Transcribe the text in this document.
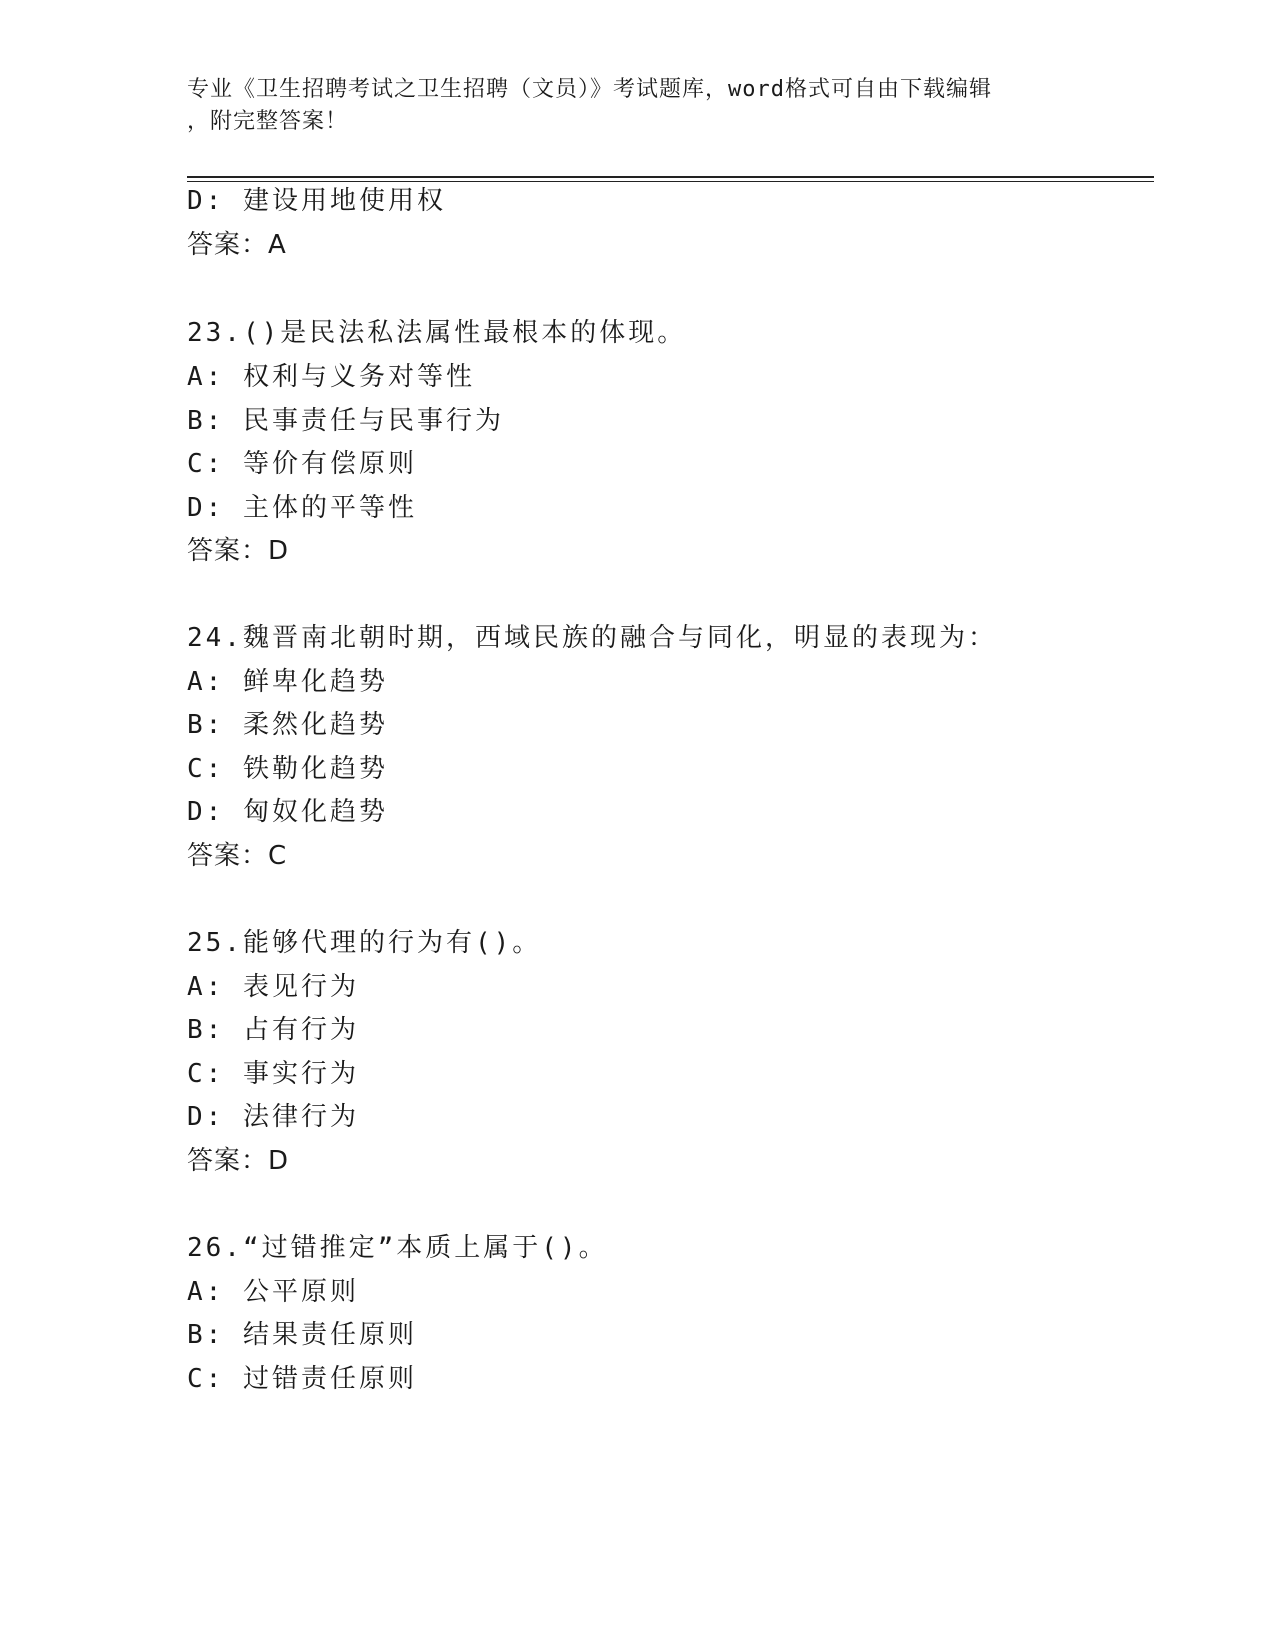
专业《卫生招聘考试之卫生招聘（文员）》考试题库，word格式可自由下载编辑
，附完整答案！
D: 建设用地使用权
答案：A
23.()是民法私法属性最根本的体现。
A: 权利与义务对等性
B: 民事责任与民事行为
C: 等价有偿原则
D: 主体的平等性
答案：D
24.魏晋南北朝时期，西域民族的融合与同化，明显的表现为：
A: 鲜卑化趋势
B: 柔然化趋势
C: 铁勒化趋势
D: 匈奴化趋势
答案：C
25.能够代理的行为有()。
A: 表见行为
B: 占有行为
C: 事实行为
D: 法律行为
答案：D
26.“过错推定”本质上属于()。
A: 公平原则
B: 结果责任原则
C: 过错责任原则
